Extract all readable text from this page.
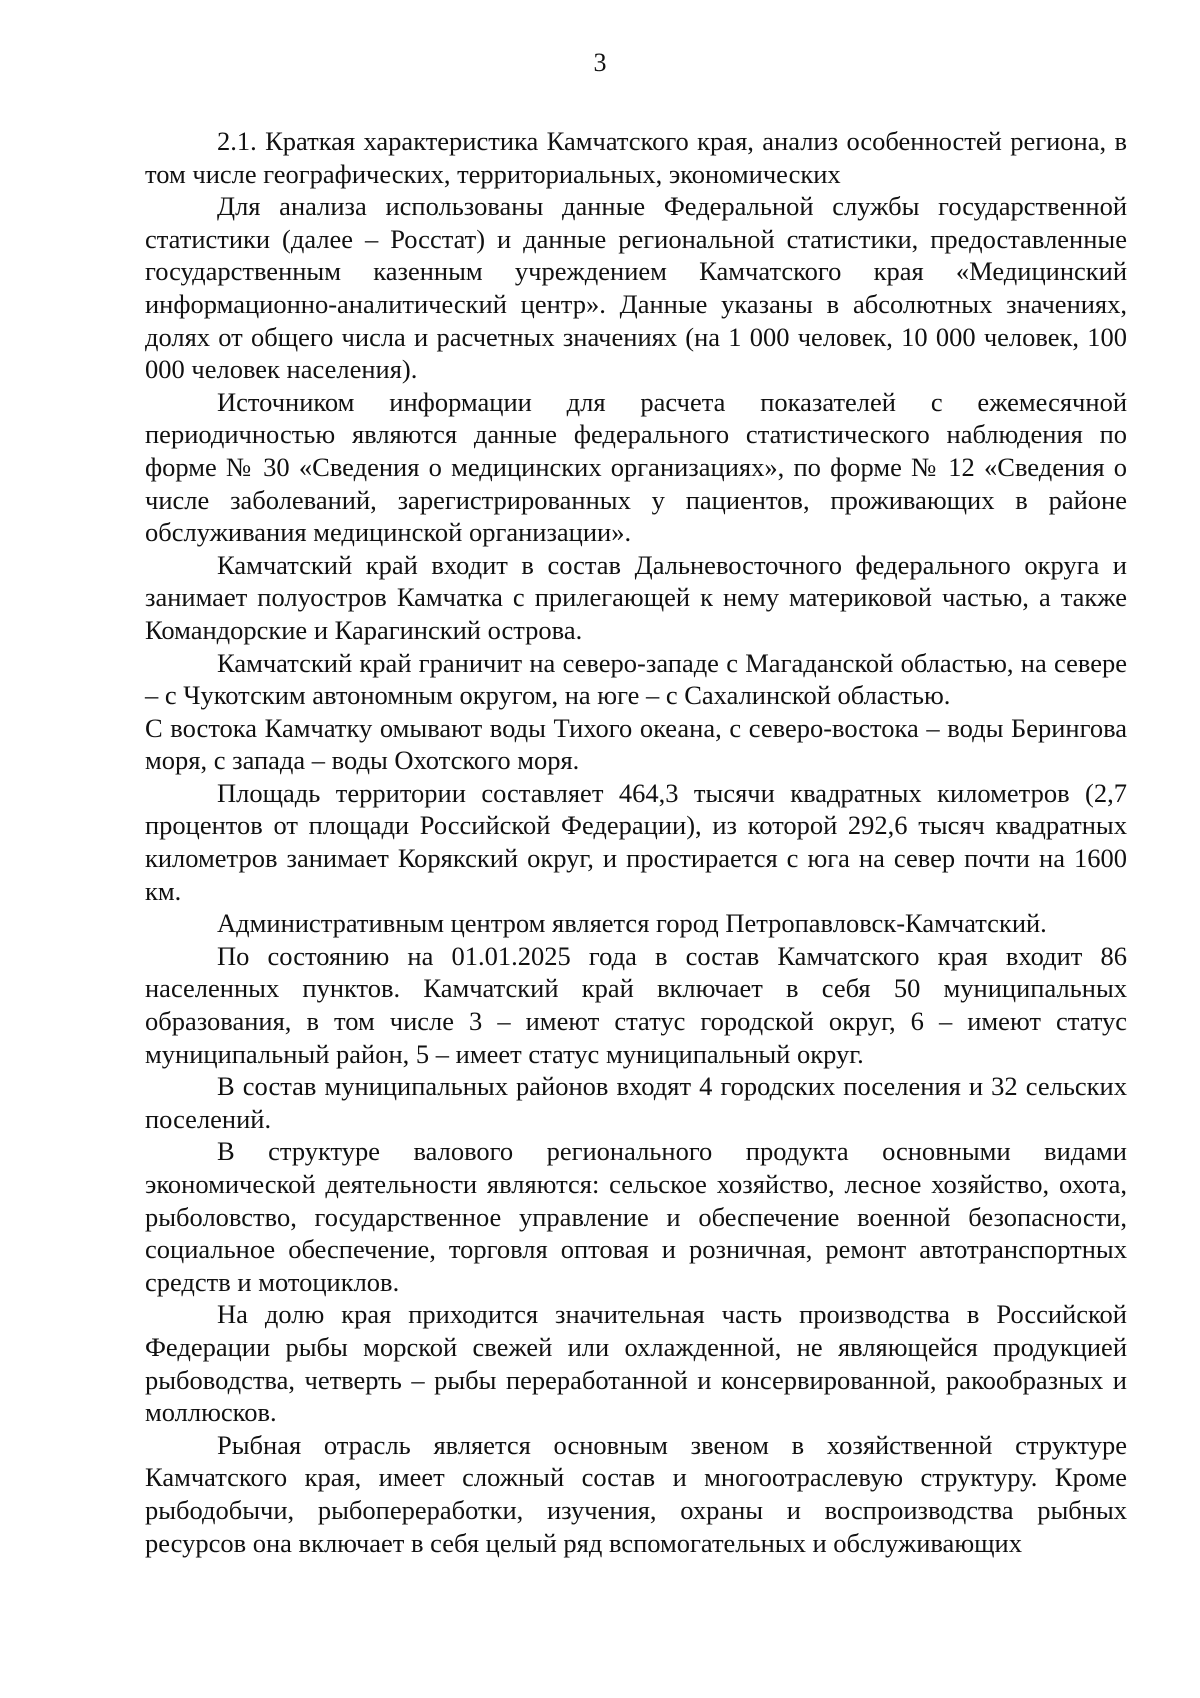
3

2.1. Краткая характеристика Камчатского края, анализ особенностей региона, в том числе географических, территориальных, экономических

Для анализа использованы данные Федеральной службы государственной статистики (далее – Росстат) и данные региональной статистики, предоставленные государственным казенным учреждением Камчатского края «Медицинский информационно-аналитический центр». Данные указаны в абсолютных значениях, долях от общего числа и расчетных значениях (на 1 000 человек, 10 000 человек, 100 000 человек населения).

Источником информации для расчета показателей с ежемесячной периодичностью являются данные федерального статистического наблюдения по форме № 30 «Сведения о медицинских организациях», по форме № 12 «Сведения о числе заболеваний, зарегистрированных у пациентов, проживающих в районе обслуживания медицинской организации».

Камчатский край входит в состав Дальневосточного федерального округа и занимает полуостров Камчатка с прилегающей к нему материковой частью, а также Командорские и Карагинский острова.

Камчатский край граничит на северо-западе с Магаданской областью, на севере – с Чукотским автономным округом, на юге – с Сахалинской областью.

С востока Камчатку омывают воды Тихого океана, с северо-востока – воды Берингова моря, с запада – воды Охотского моря.

Площадь территории составляет 464,3 тысячи квадратных километров (2,7 процентов от площади Российской Федерации), из которой 292,6 тысяч квадратных километров занимает Корякский округ, и простирается с юга на север почти на 1600 км.

Административным центром является город Петропавловск-Камчатский.

По состоянию на 01.01.2025 года в состав Камчатского края входит 86 населенных пунктов. Камчатский край включает в себя 50 муниципальных образования, в том числе 3 – имеют статус городской округ, 6 – имеют статус муниципальный район, 5 – имеет статус муниципальный округ.

В состав муниципальных районов входят 4 городских поселения и 32 сельских поселений.

В структуре валового регионального продукта основными видами экономической деятельности являются: сельское хозяйство, лесное хозяйство, охота, рыболовство, государственное управление и обеспечение военной безопасности, социальное обеспечение, торговля оптовая и розничная, ремонт автотранспортных средств и мотоциклов.

На долю края приходится значительная часть производства в Российской Федерации рыбы морской свежей или охлажденной, не являющейся продукцией рыбоводства, четверть – рыбы переработанной и консервированной, ракообразных и моллюсков.

Рыбная отрасль является основным звеном в хозяйственной структуре Камчатского края, имеет сложный состав и многоотраслевую структуру. Кроме рыбодобычи, рыбопереработки, изучения, охраны и воспроизводства рыбных ресурсов она включает в себя целый ряд вспомогательных и обслуживающих
